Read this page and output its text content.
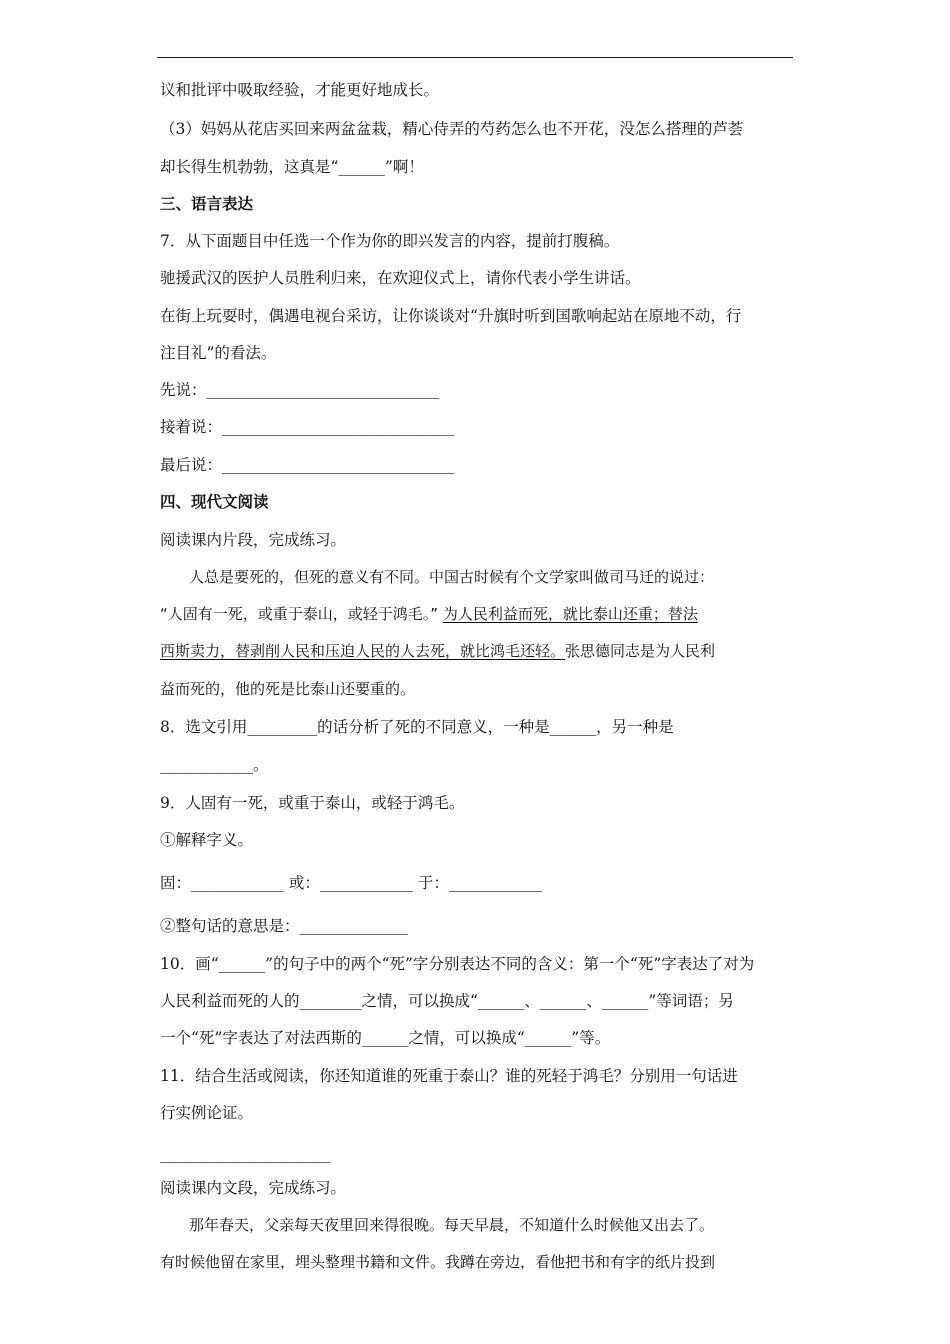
议和批评中吸取经验，才能更好地成长。
（3）妈妈从花店买回来两盆盆栽，精心侍弄的芍药怎么也不开花，没怎么搭理的芦荟
却长得生机勃勃，这真是“______”啊！
三、语言表达
7．从下面题目中任选一个作为你的即兴发言的内容，提前打腹稿。
驰援武汉的医护人员胜利归来，在欢迎仪式上，请你代表小学生讲话。
在街上玩耍时，偶遇电视台采访，让你谈谈对“升旗时听到国歌响起站在原地不动，行
注目礼”的看法。
先说：______________________________
接着说：______________________________
最后说：______________________________
四、现代文阅读
阅读课内片段，完成练习。
人总是要死的，但死的意义有不同。中国古时候有个文学家叫做司马迁的说过：
“人固有一死，或重于泰山，或轻于鸿毛。” 为人民利益而死，就比泰山还重；替法
西斯卖力，替剥削人民和压迫人民的人去死，就比鸿毛还轻。张思德同志是为人民利
益而死的，他的死是比泰山还要重的。
8．选文引用_________的话分析了死的不同意义，一种是______，另一种是
____________。
9．人固有一死，或重于泰山，或轻于鸿毛。
①解释字义。
固：____________ 或：____________ 于：____________
②整句话的意思是：______________
10．画“______”的句子中的两个“死”字分别表达不同的含义：第一个“死”字表达了对为
人民利益而死的人的________之情，可以换成“______、______、______”等词语；另
一个“死”字表达了对法西斯的______之情，可以换成“______”等。
11．结合生活或阅读，你还知道谁的死重于泰山？谁的死轻于鸿毛？分别用一句话进
行实例论证。
______________________
阅读课内文段，完成练习。
那年春天，父亲每天夜里回来得很晚。每天早晨，不知道什么时候他又出去了。
有时候他留在家里，埋头整理书籍和文件。我蹲在旁边，看他把书和有字的纸片投到
